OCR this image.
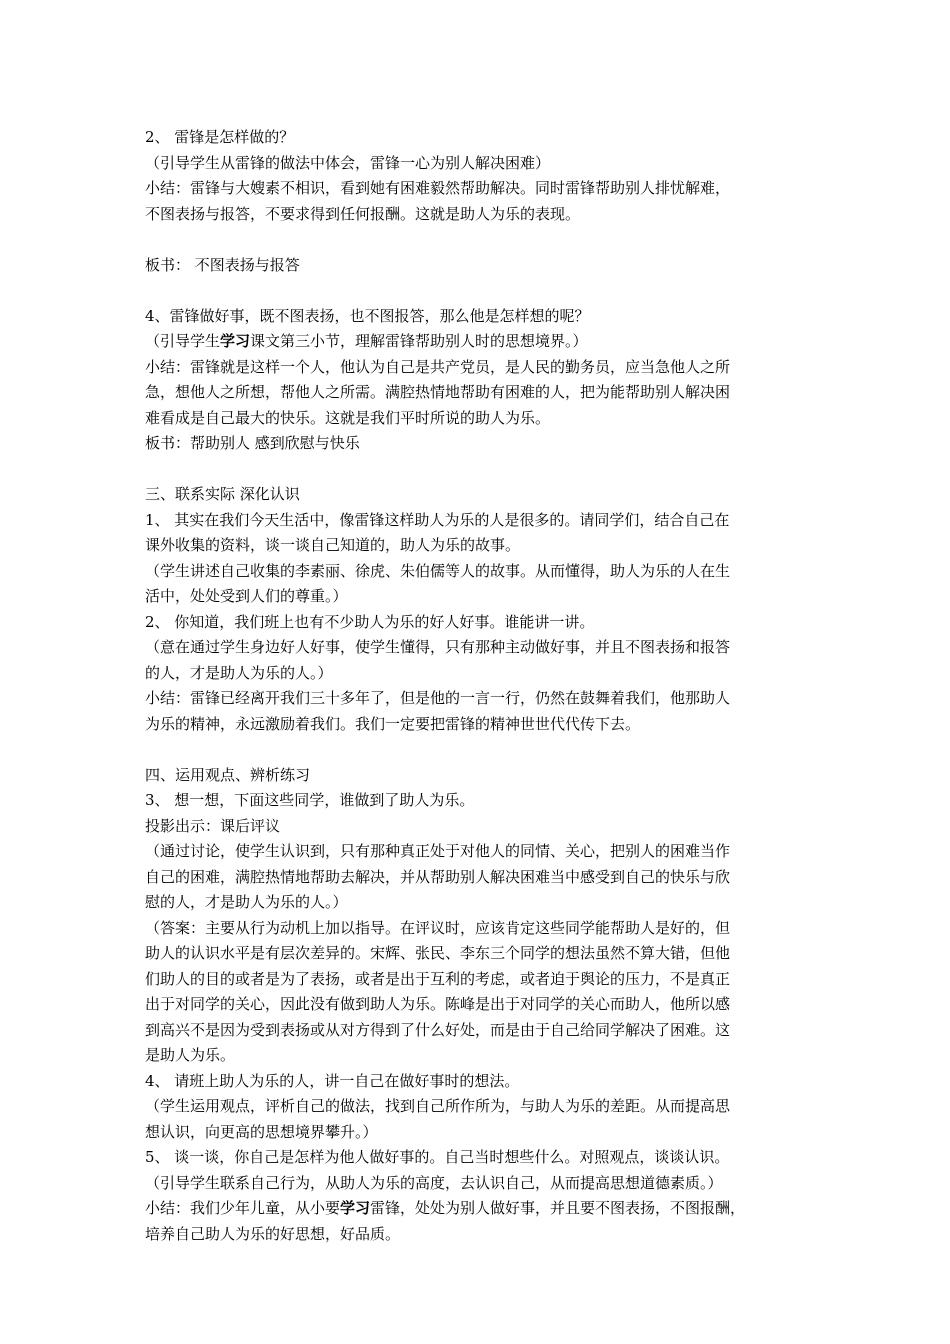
2、 雷锋是怎样做的？
（引导学生从雷锋的做法中体会，雷锋一心为别人解决困难）
小结：雷锋与大嫂素不相识，看到她有困难毅然帮助解决。同时雷锋帮助别人排忧解难，
不图表扬与报答，不要求得到任何报酬。这就是助人为乐的表现。
板书： 不图表扬与报答
4、雷锋做好事，既不图表扬，也不图报答，那么他是怎样想的呢？
（引导学生学习课文第三小节，理解雷锋帮助别人时的思想境界。）
小结：雷锋就是这样一个人，他认为自己是共产党员，是人民的勤务员，应当急他人之所
急，想他人之所想，帮他人之所需。满腔热情地帮助有困难的人，把为能帮助别人解决困
难看成是自己最大的快乐。这就是我们平时所说的助人为乐。
板书：帮助别人 感到欣慰与快乐
三、联系实际 深化认识
1、 其实在我们今天生活中，像雷锋这样助人为乐的人是很多的。请同学们，结合自己在
课外收集的资料，谈一谈自己知道的，助人为乐的故事。
（学生讲述自己收集的李素丽、徐虎、朱伯儒等人的故事。从而懂得，助人为乐的人在生
活中，处处受到人们的尊重。）
2、 你知道，我们班上也有不少助人为乐的好人好事。谁能讲一讲。
（意在通过学生身边好人好事，使学生懂得，只有那种主动做好事，并且不图表扬和报答
的人，才是助人为乐的人。）
小结：雷锋已经离开我们三十多年了，但是他的一言一行，仍然在鼓舞着我们，他那助人
为乐的精神，永远激励着我们。我们一定要把雷锋的精神世世代代传下去。
四、运用观点、辨析练习
3、 想一想，下面这些同学，谁做到了助人为乐。
投影出示：课后评议
（通过讨论，使学生认识到，只有那种真正处于对他人的同情、关心，把别人的困难当作
自己的困难，满腔热情地帮助去解决，并从帮助别人解决困难当中感受到自己的快乐与欣
慰的人，才是助人为乐的人。）
（答案：主要从行为动机上加以指导。在评议时，应该肯定这些同学能帮助人是好的，但
助人的认识水平是有层次差异的。宋辉、张民、李东三个同学的想法虽然不算大错，但他
们助人的目的或者是为了表扬，或者是出于互利的考虑，或者迫于舆论的压力，不是真正
出于对同学的关心，因此没有做到助人为乐。陈峰是出于对同学的关心而助人，他所以感
到高兴不是因为受到表扬或从对方得到了什么好处，而是由于自己给同学解决了困难。这
是助人为乐。
4、 请班上助人为乐的人，讲一自己在做好事时的想法。
（学生运用观点，评析自己的做法，找到自己所作所为，与助人为乐的差距。从而提高思
想认识，向更高的思想境界攀升。）
5、 谈一谈，你自己是怎样为他人做好事的。自己当时想些什么。对照观点，谈谈认识。
（引导学生联系自己行为，从助人为乐的高度，去认识自己，从而提高思想道德素质。）
小结：我们少年儿童，从小要学习雷锋，处处为别人做好事，并且要不图表扬，不图报酬，
培养自己助人为乐的好思想，好品质。
